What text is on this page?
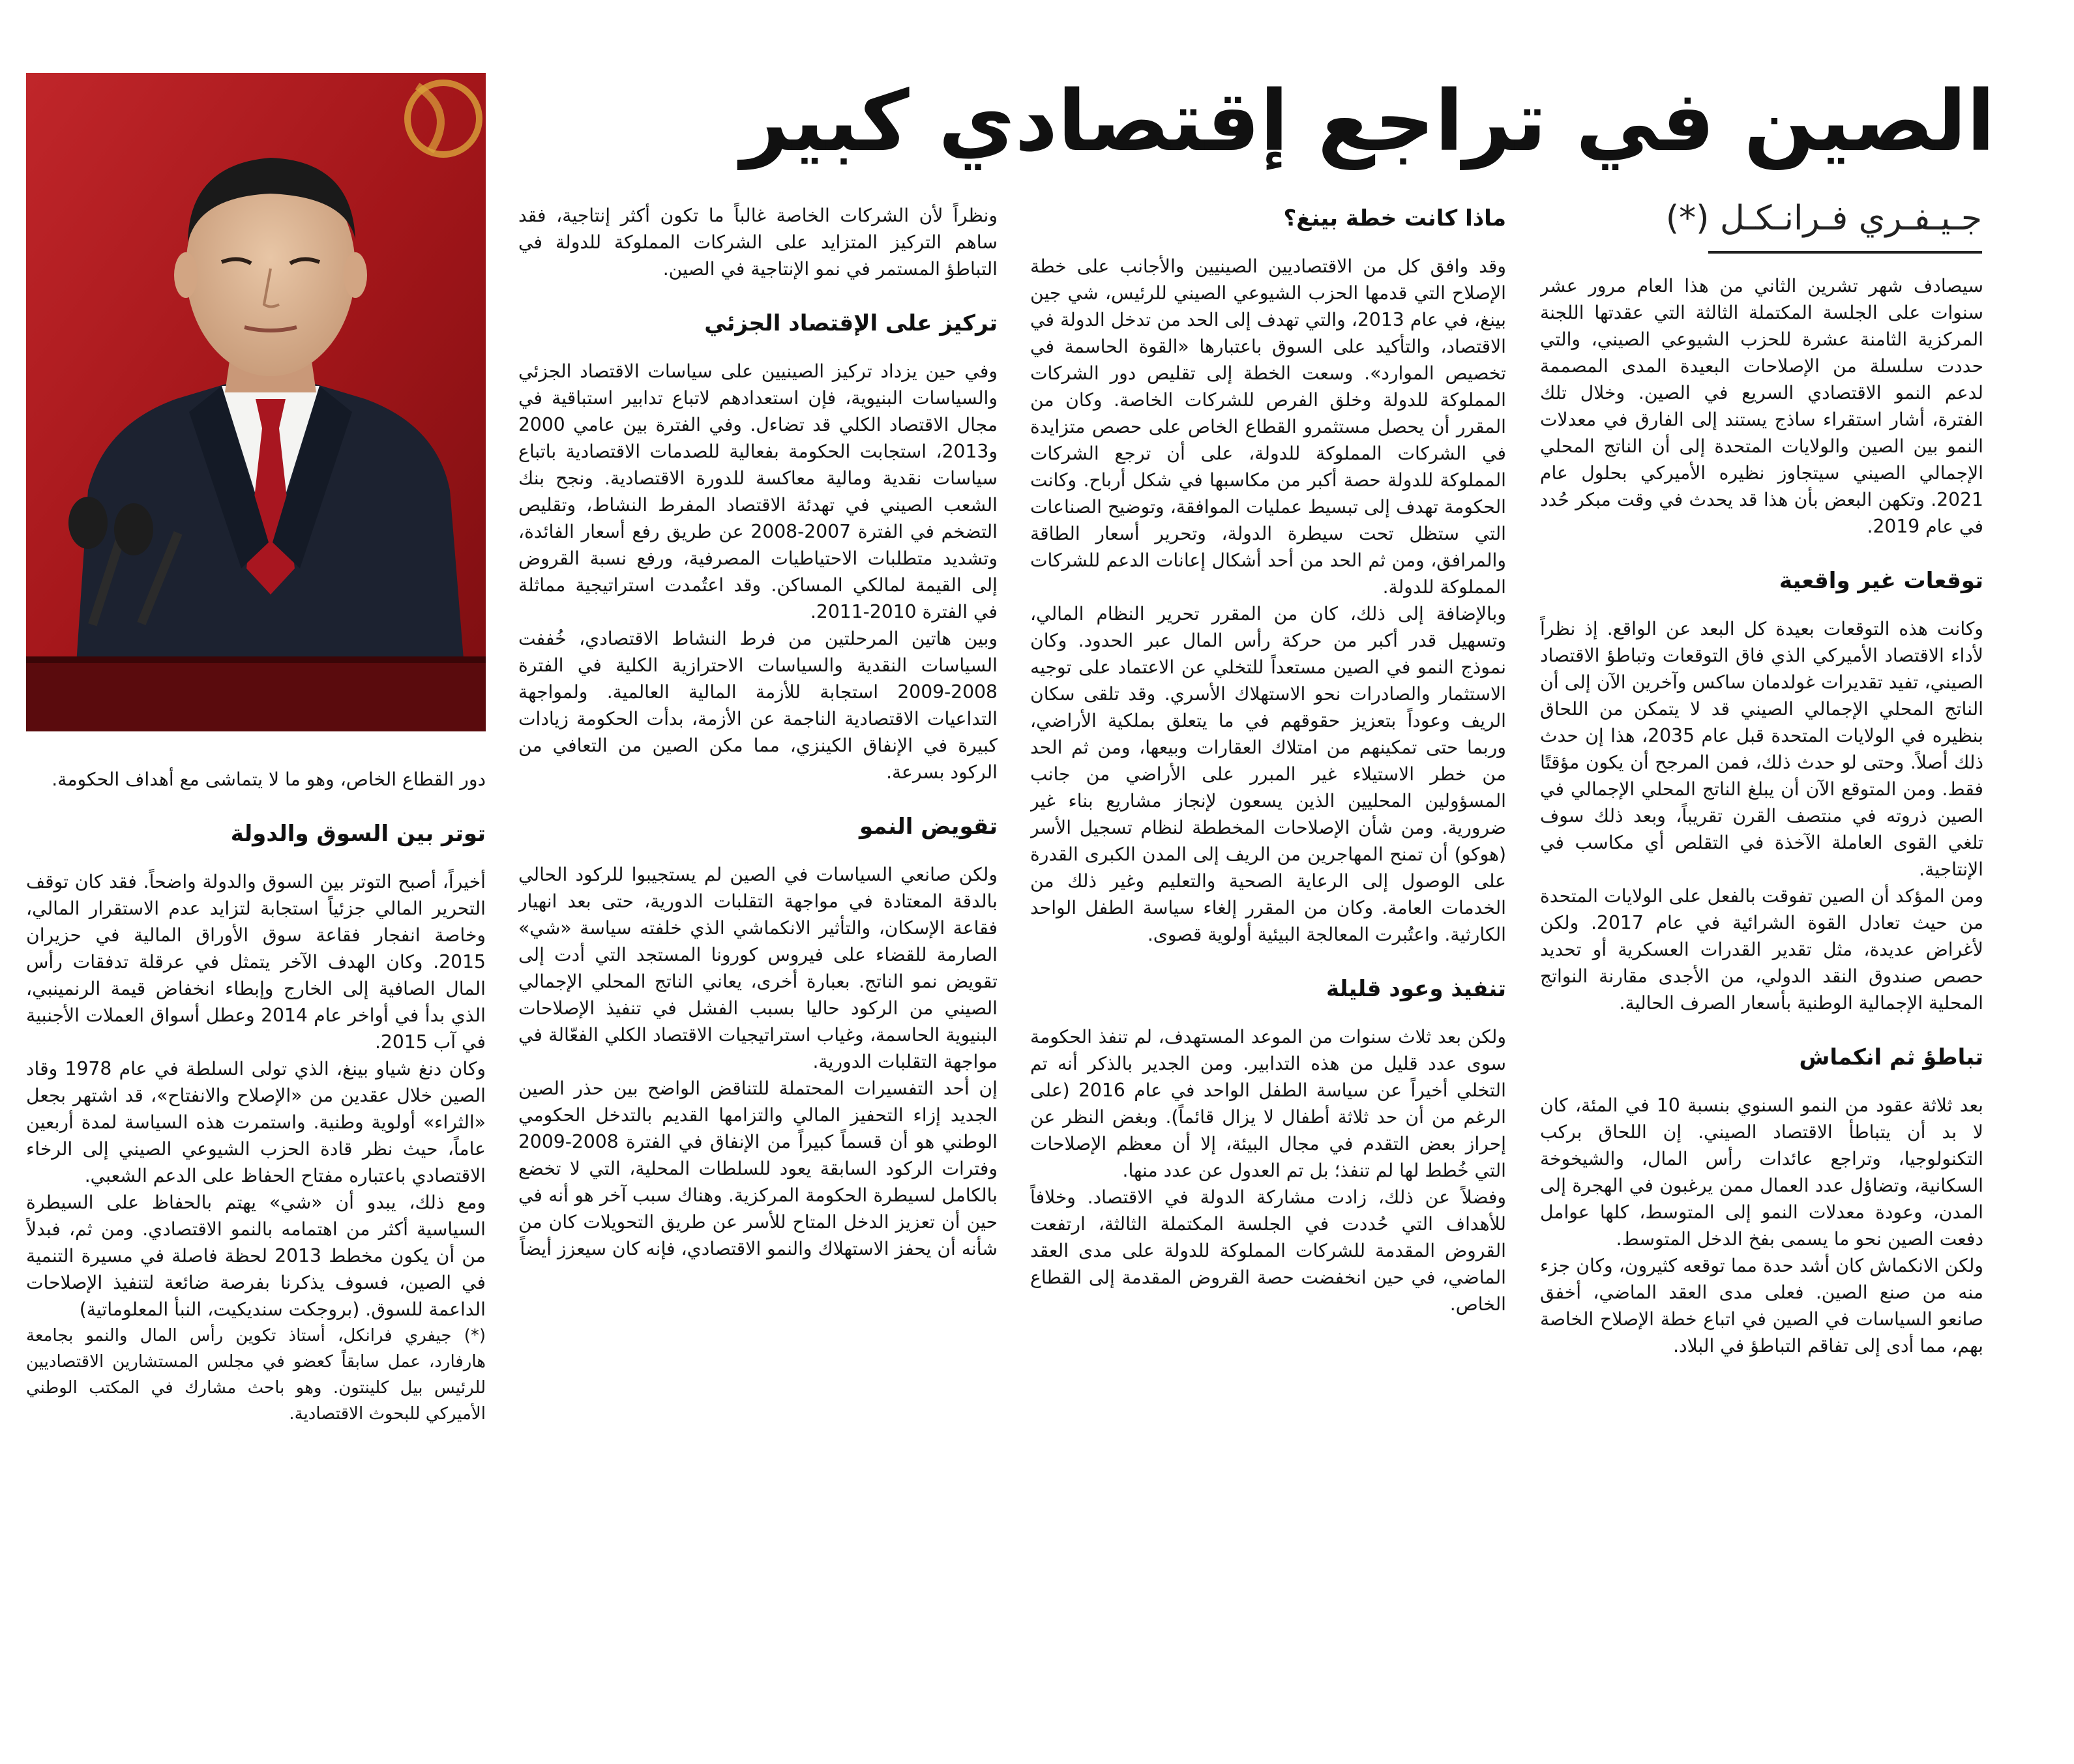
الصين في تراجع إقتصادي كبير
جـيـفـري فـرانـكـل (*)

سيصادف شهر تشرين الثاني من هذا العام مرور عشر سنوات على الجلسة المكتملة الثالثة التي عقدتها اللجنة المركزية الثامنة عشرة للحزب الشيوعي الصيني، والتي حددت سلسلة من الإصلاحات البعيدة المدى المصممة لدعم النمو الاقتصادي السريع في الصين. وخلال تلك الفترة، أشار استقراء ساذج يستند إلى الفارق في معدلات النمو بين الصين والولايات المتحدة إلى أن الناتج المحلي الإجمالي الصيني سيتجاوز نظيره الأميركي بحلول عام 2021. وتكهن البعض بأن هذا قد يحدث في وقت مبكر حُدد في عام 2019.

توقعات غير واقعية

وكانت هذه التوقعات بعيدة كل البعد عن الواقع. إذ نظراً لأداء الاقتصاد الأميركي الذي فاق التوقعات وتباطؤ الاقتصاد الصيني، تفيد تقديرات غولدمان ساكس وآخرين الآن إلى أن الناتج المحلي الإجمالي الصيني قد لا يتمكن من اللحاق بنظيره في الولايات المتحدة قبل عام 2035، هذا إن حدث ذلك أصلاً. وحتى لو حدث ذلك، فمن المرجح أن يكون مؤقتًا فقط. ومن المتوقع الآن أن يبلغ الناتج المحلي الإجمالي في الصين ذروته في منتصف القرن تقريباً، وبعد ذلك سوف تلغي القوى العاملة الآخذة في التقلص أي مكاسب في الإنتاجية.

ومن المؤكد أن الصين تفوقت بالفعل على الولايات المتحدة من حيث تعادل القوة الشرائية في عام 2017. ولكن لأغراض عديدة، مثل تقدير القدرات العسكرية أو تحديد حصص صندوق النقد الدولي، من الأجدى مقارنة النواتج المحلية الإجمالية الوطنية بأسعار الصرف الحالية.

تباطؤ ثم انكماش

بعد ثلاثة عقود من النمو السنوي بنسبة 10 في المئة، كان لا بد أن يتباطأ الاقتصاد الصيني. إن اللحاق بركب التكنولوجيا، وتراجع عائدات رأس المال، والشيخوخة السكانية، وتضاؤل عدد العمال ممن يرغبون في الهجرة إلى المدن، وعودة معدلات النمو إلى المتوسط، كلها عوامل دفعت الصين نحو ما يسمى بفخ الدخل المتوسط.

ولكن الانكماش كان أشد حدة مما توقعه كثيرون، وكان جزء منه من صنع الصين. فعلى مدى العقد الماضي، أخفق صانعو السياسات في الصين في اتباع خطة الإصلاح الخاصة بهم، مما أدى إلى تفاقم التباطؤ في البلاد.

ماذا كانت خطة بينغ؟

وقد وافق كل من الاقتصاديين الصينيين والأجانب على خطة الإصلاح التي قدمها الحزب الشيوعي الصيني للرئيس، شي جين بينغ، في عام 2013، والتي تهدف إلى الحد من تدخل الدولة في الاقتصاد، والتأكيد على السوق باعتبارها «القوة الحاسمة في تخصيص الموارد». وسعت الخطة إلى تقليص دور الشركات المملوكة للدولة وخلق الفرص للشركات الخاصة. وكان من المقرر أن يحصل مستثمرو القطاع الخاص على حصص متزايدة في الشركات المملوكة للدولة، على أن ترجع الشركات المملوكة للدولة حصة أكبر من مكاسبها في شكل أرباح. وكانت الحكومة تهدف إلى تبسيط عمليات الموافقة، وتوضيح الصناعات التي ستظل تحت سيطرة الدولة، وتحرير أسعار الطاقة والمرافق، ومن ثم الحد من أحد أشكال إعانات الدعم للشركات المملوكة للدولة.

وبالإضافة إلى ذلك، كان من المقرر تحرير النظام المالي، وتسهيل قدر أكبر من حركة رأس المال عبر الحدود. وكان نموذج النمو في الصين مستعداً للتخلي عن الاعتماد على توجيه الاستثمار والصادرات نحو الاستهلاك الأسري. وقد تلقى سكان الريف وعوداً بتعزيز حقوقهم في ما يتعلق بملكية الأراضي، وربما حتى تمكينهم من امتلاك العقارات وبيعها، ومن ثم الحد من خطر الاستيلاء غير المبرر على الأراضي من جانب المسؤولين المحليين الذين يسعون لإنجاز مشاريع بناء غير ضرورية. ومن شأن الإصلاحات المخططة لنظام تسجيل الأسر (هوكو) أن تمنح المهاجرين من الريف إلى المدن الكبرى القدرة على الوصول إلى الرعاية الصحية والتعليم وغير ذلك من الخدمات العامة. وكان من المقرر إلغاء سياسة الطفل الواحد الكارثية. واعتُبرت المعالجة البيئية أولوية قصوى.

تنفيذ وعود قليلة

ولكن بعد ثلاث سنوات من الموعد المستهدف، لم تنفذ الحكومة سوى عدد قليل من هذه التدابير. ومن الجدير بالذكر أنه تم التخلي أخيراً عن سياسة الطفل الواحد في عام 2016 (على الرغم من أن حد ثلاثة أطفال لا يزال قائماً). وبغض النظر عن إحراز بعض التقدم في مجال البيئة، إلا أن معظم الإصلاحات التي خُطط لها لم تنفذ؛ بل تم العدول عن عدد منها.

وفضلاً عن ذلك، زادت مشاركة الدولة في الاقتصاد. وخلافاً للأهداف التي حُددت في الجلسة المكتملة الثالثة، ارتفعت القروض المقدمة للشركات المملوكة للدولة على مدى العقد الماضي، في حين انخفضت حصة القروض المقدمة إلى القطاع الخاص.

ونظراً لأن الشركات الخاصة غالباً ما تكون أكثر إنتاجية، فقد ساهم التركيز المتزايد على الشركات المملوكة للدولة في التباطؤ المستمر في نمو الإنتاجية في الصين.

تركيز على الإقتصاد الجزئي

وفي حين يزداد تركيز الصينيين على سياسات الاقتصاد الجزئي والسياسات البنيوية، فإن استعدادهم لاتباع تدابير استباقية في مجال الاقتصاد الكلي قد تضاءل. وفي الفترة بين عامي 2000 و2013، استجابت الحكومة بفعالية للصدمات الاقتصادية باتباع سياسات نقدية ومالية معاكسة للدورة الاقتصادية. ونجح بنك الشعب الصيني في تهدئة الاقتصاد المفرط النشاط، وتقليص التضخم في الفترة 2007-2008 عن طريق رفع أسعار الفائدة، وتشديد متطلبات الاحتياطيات المصرفية، ورفع نسبة القروض إلى القيمة لمالكي المساكن. وقد اعتُمدت استراتيجية مماثلة في الفترة 2010-2011.

وبين هاتين المرحلتين من فرط النشاط الاقتصادي، خُففت السياسات النقدية والسياسات الاحترازية الكلية في الفترة 2008-2009 استجابة للأزمة المالية العالمية. ولمواجهة التداعيات الاقتصادية الناجمة عن الأزمة، بدأت الحكومة زيادات كبيرة في الإنفاق الكينزي، مما مكن الصين من التعافي من الركود بسرعة.

تقويض النمو

ولكن صانعي السياسات في الصين لم يستجيبوا للركود الحالي بالدقة المعتادة في مواجهة التقلبات الدورية، حتى بعد انهيار فقاعة الإسكان، والتأثير الانكماشي الذي خلفته سياسة «شي» الصارمة للقضاء على فيروس كورونا المستجد التي أدت إلى تقويض نمو الناتج. بعبارة أخرى، يعاني الناتج المحلي الإجمالي الصيني من الركود حاليا بسبب الفشل في تنفيذ الإصلاحات البنيوية الحاسمة، وغياب استراتيجيات الاقتصاد الكلي الفعّالة في مواجهة التقلبات الدورية.

إن أحد التفسيرات المحتملة للتناقض الواضح بين حذر الصين الجديد إزاء التحفيز المالي والتزامها القديم بالتدخل الحكومي الوطني هو أن قسماً كبيراً من الإنفاق في الفترة 2008-2009 وفترات الركود السابقة يعود للسلطات المحلية، التي لا تخضع بالكامل لسيطرة الحكومة المركزية. وهناك سبب آخر هو أنه في حين أن تعزيز الدخل المتاح للأسر عن طريق التحويلات كان من شأنه أن يحفز الاستهلاك والنمو الاقتصادي، فإنه كان سيعزز أيضاً

دور القطاع الخاص، وهو ما لا يتماشى مع أهداف الحكومة.

توتر بين السوق والدولة

أخيراً، أصبح التوتر بين السوق والدولة واضحاً. فقد كان توقف التحرير المالي جزئياً استجابة لتزايد عدم الاستقرار المالي، وخاصة انفجار فقاعة سوق الأوراق المالية في حزيران 2015. وكان الهدف الآخر يتمثل في عرقلة تدفقات رأس المال الصافية إلى الخارج وإبطاء انخفاض قيمة الرنمينبي، الذي بدأ في أواخر عام 2014 وعطل أسواق العملات الأجنبية في آب 2015.

وكان دنغ شياو بينغ، الذي تولى السلطة في عام 1978 وقاد الصين خلال عقدين من «الإصلاح والانفتاح»، قد اشتهر بجعل «الثراء» أولوية وطنية. واستمرت هذه السياسة لمدة أربعين عاماً، حيث نظر قادة الحزب الشيوعي الصيني إلى الرخاء الاقتصادي باعتباره مفتاح الحفاظ على الدعم الشعبي.

ومع ذلك، يبدو أن «شي» يهتم بالحفاظ على السيطرة السياسية أكثر من اهتمامه بالنمو الاقتصادي. ومن ثم، فبدلاً من أن يكون مخطط 2013 لحظة فاصلة في مسيرة التنمية في الصين، فسوف يذكرنا بفرصة ضائعة لتنفيذ الإصلاحات الداعمة للسوق. (بروجكت سنديكيت، النبأ المعلوماتية)

(*) جيفري فرانكل، أستاذ تكوين رأس المال والنمو بجامعة هارفارد، عمل سابقاً كعضو في مجلس المستشارين الاقتصاديين للرئيس بيل كلينتون. وهو باحث مشارك في المكتب الوطني الأميركي للبحوث الاقتصادية.
